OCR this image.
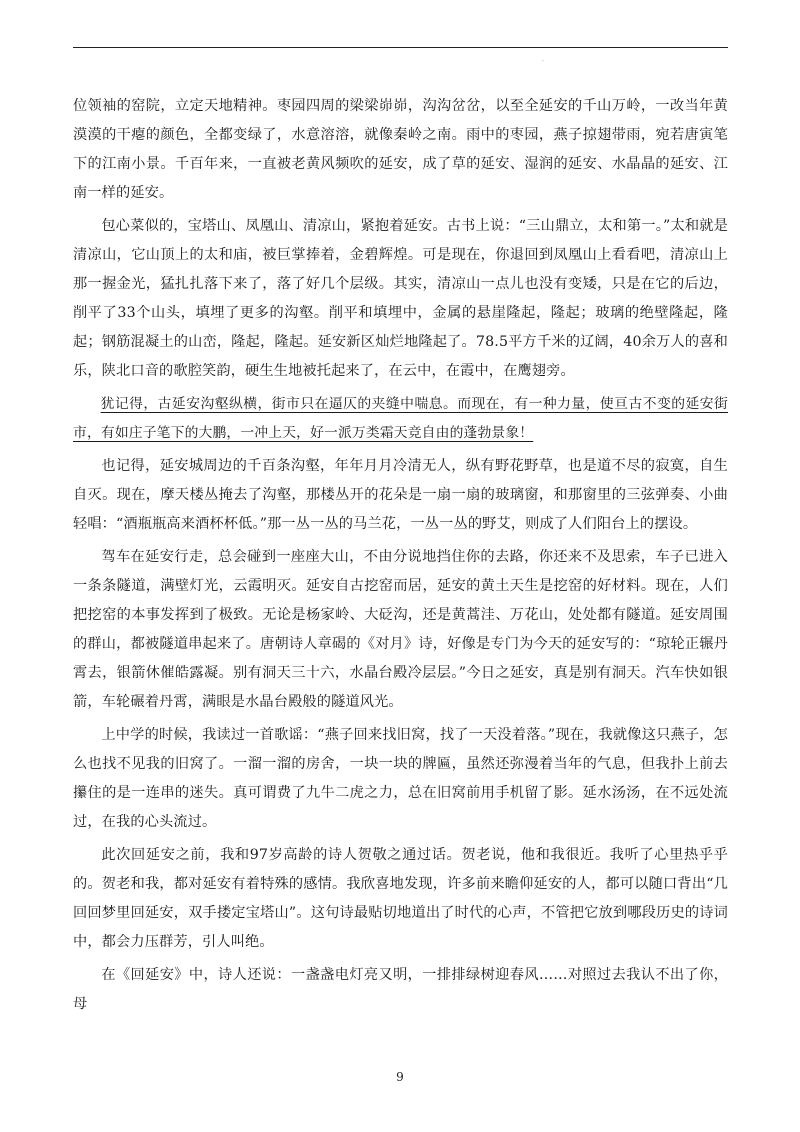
·

位领袖的窑院，立定天地精神。枣园四周的梁梁峁峁，沟沟岔岔，以至全延安的千山万岭，一改当年黄漠漠的干瘪的颜色，全都变绿了，水意溶溶，就像秦岭之南。雨中的枣园，燕子掠翅带雨，宛若唐寅笔下的江南小景。千百年来，一直被老黄风频吹的延安，成了草的延安、湿润的延安、水晶晶的延安、江南一样的延安。

包心菜似的，宝塔山、凤凰山、清凉山，紧抱着延安。古书上说：“三山鼎立，太和第一。”太和就是清凉山，它山顶上的太和庙，被巨掌捧着，金碧辉煌。可是现在，你退回到凤凰山上看看吧，清凉山上那一握金光，猛扎扎落下来了，落了好几个层级。其实，清凉山一点儿也没有变矮，只是在它的后边，削平了33个山头，填埋了更多的沟壑。削平和填埋中，金属的悬崖隆起，隆起；玻璃的绝壁隆起，隆起；钢筋混凝土的山峦，隆起，隆起。延安新区灿烂地隆起了。78.5平方千米的辽阔，40余万人的喜和乐，陕北口音的歌腔笑韵，硬生生地被托起来了，在云中，在霞中，在鹰翅旁。

犹记得，古延安沟壑纵横，街市只在逼仄的夹缝中喘息。而现在，有一种力量，使亘古不变的延安街市，有如庄子笔下的大鹏，一冲上天，好一派万类霜天竞自由的蓬勃景象！

也记得，延安城周边的千百条沟壑，年年月月冷清无人，纵有野花野草，也是道不尽的寂寞，自生自灭。现在，摩天楼丛掩去了沟壑，那楼丛开的花朵是一扇一扇的玻璃窗，和那窗里的三弦弹奏、小曲轻唱：“酒瓶瓶高来酒杯杯低。”那一丛一丛的马兰花，一丛一丛的野艾，则成了人们阳台上的摆设。

驾车在延安行走，总会碰到一座座大山，不由分说地挡住你的去路，你还来不及思索，车子已进入一条条隧道，满壁灯光，云霞明灭。延安自古挖窑而居，延安的黄土天生是挖窑的好材料。现在，人们把挖窑的本事发挥到了极致。无论是杨家岭、大砭沟，还是黄蒿洼、万花山，处处都有隧道。延安周围的群山，都被隧道串起来了。唐朝诗人章碣的《对月》诗，好像是专门为今天的延安写的：“琼轮正辗丹霄去，银箭休催皓露凝。别有洞天三十六，水晶台殿冷层层。”今日之延安，真是别有洞天。汽车快如银箭，车轮碾着丹霄，满眼是水晶台殿般的隧道风光。

上中学的时候，我读过一首歌谣：“燕子回来找旧窝，找了一天没着落。”现在，我就像这只燕子，怎么也找不见我的旧窝了。一溜一溜的房舍，一块一块的牌匾，虽然还弥漫着当年的气息，但我扑上前去攥住的是一连串的迷失。真可谓费了九牛二虎之力，总在旧窝前用手机留了影。延水汤汤，在不远处流过，在我的心头流过。

此次回延安之前，我和97岁高龄的诗人贺敬之通过话。贺老说，他和我很近。我听了心里热乎乎的。贺老和我，都对延安有着特殊的感情。我欣喜地发现，许多前来瞻仰延安的人，都可以随口背出“几回回梦里回延安，双手搂定宝塔山”。这句诗最贴切地道出了时代的心声，不管把它放到哪段历史的诗词中，都会力压群芳，引人叫绝。

在《回延安》中，诗人还说：一盏盏电灯亮又明，一排排绿树迎春风……对照过去我认不出了你，母

9
